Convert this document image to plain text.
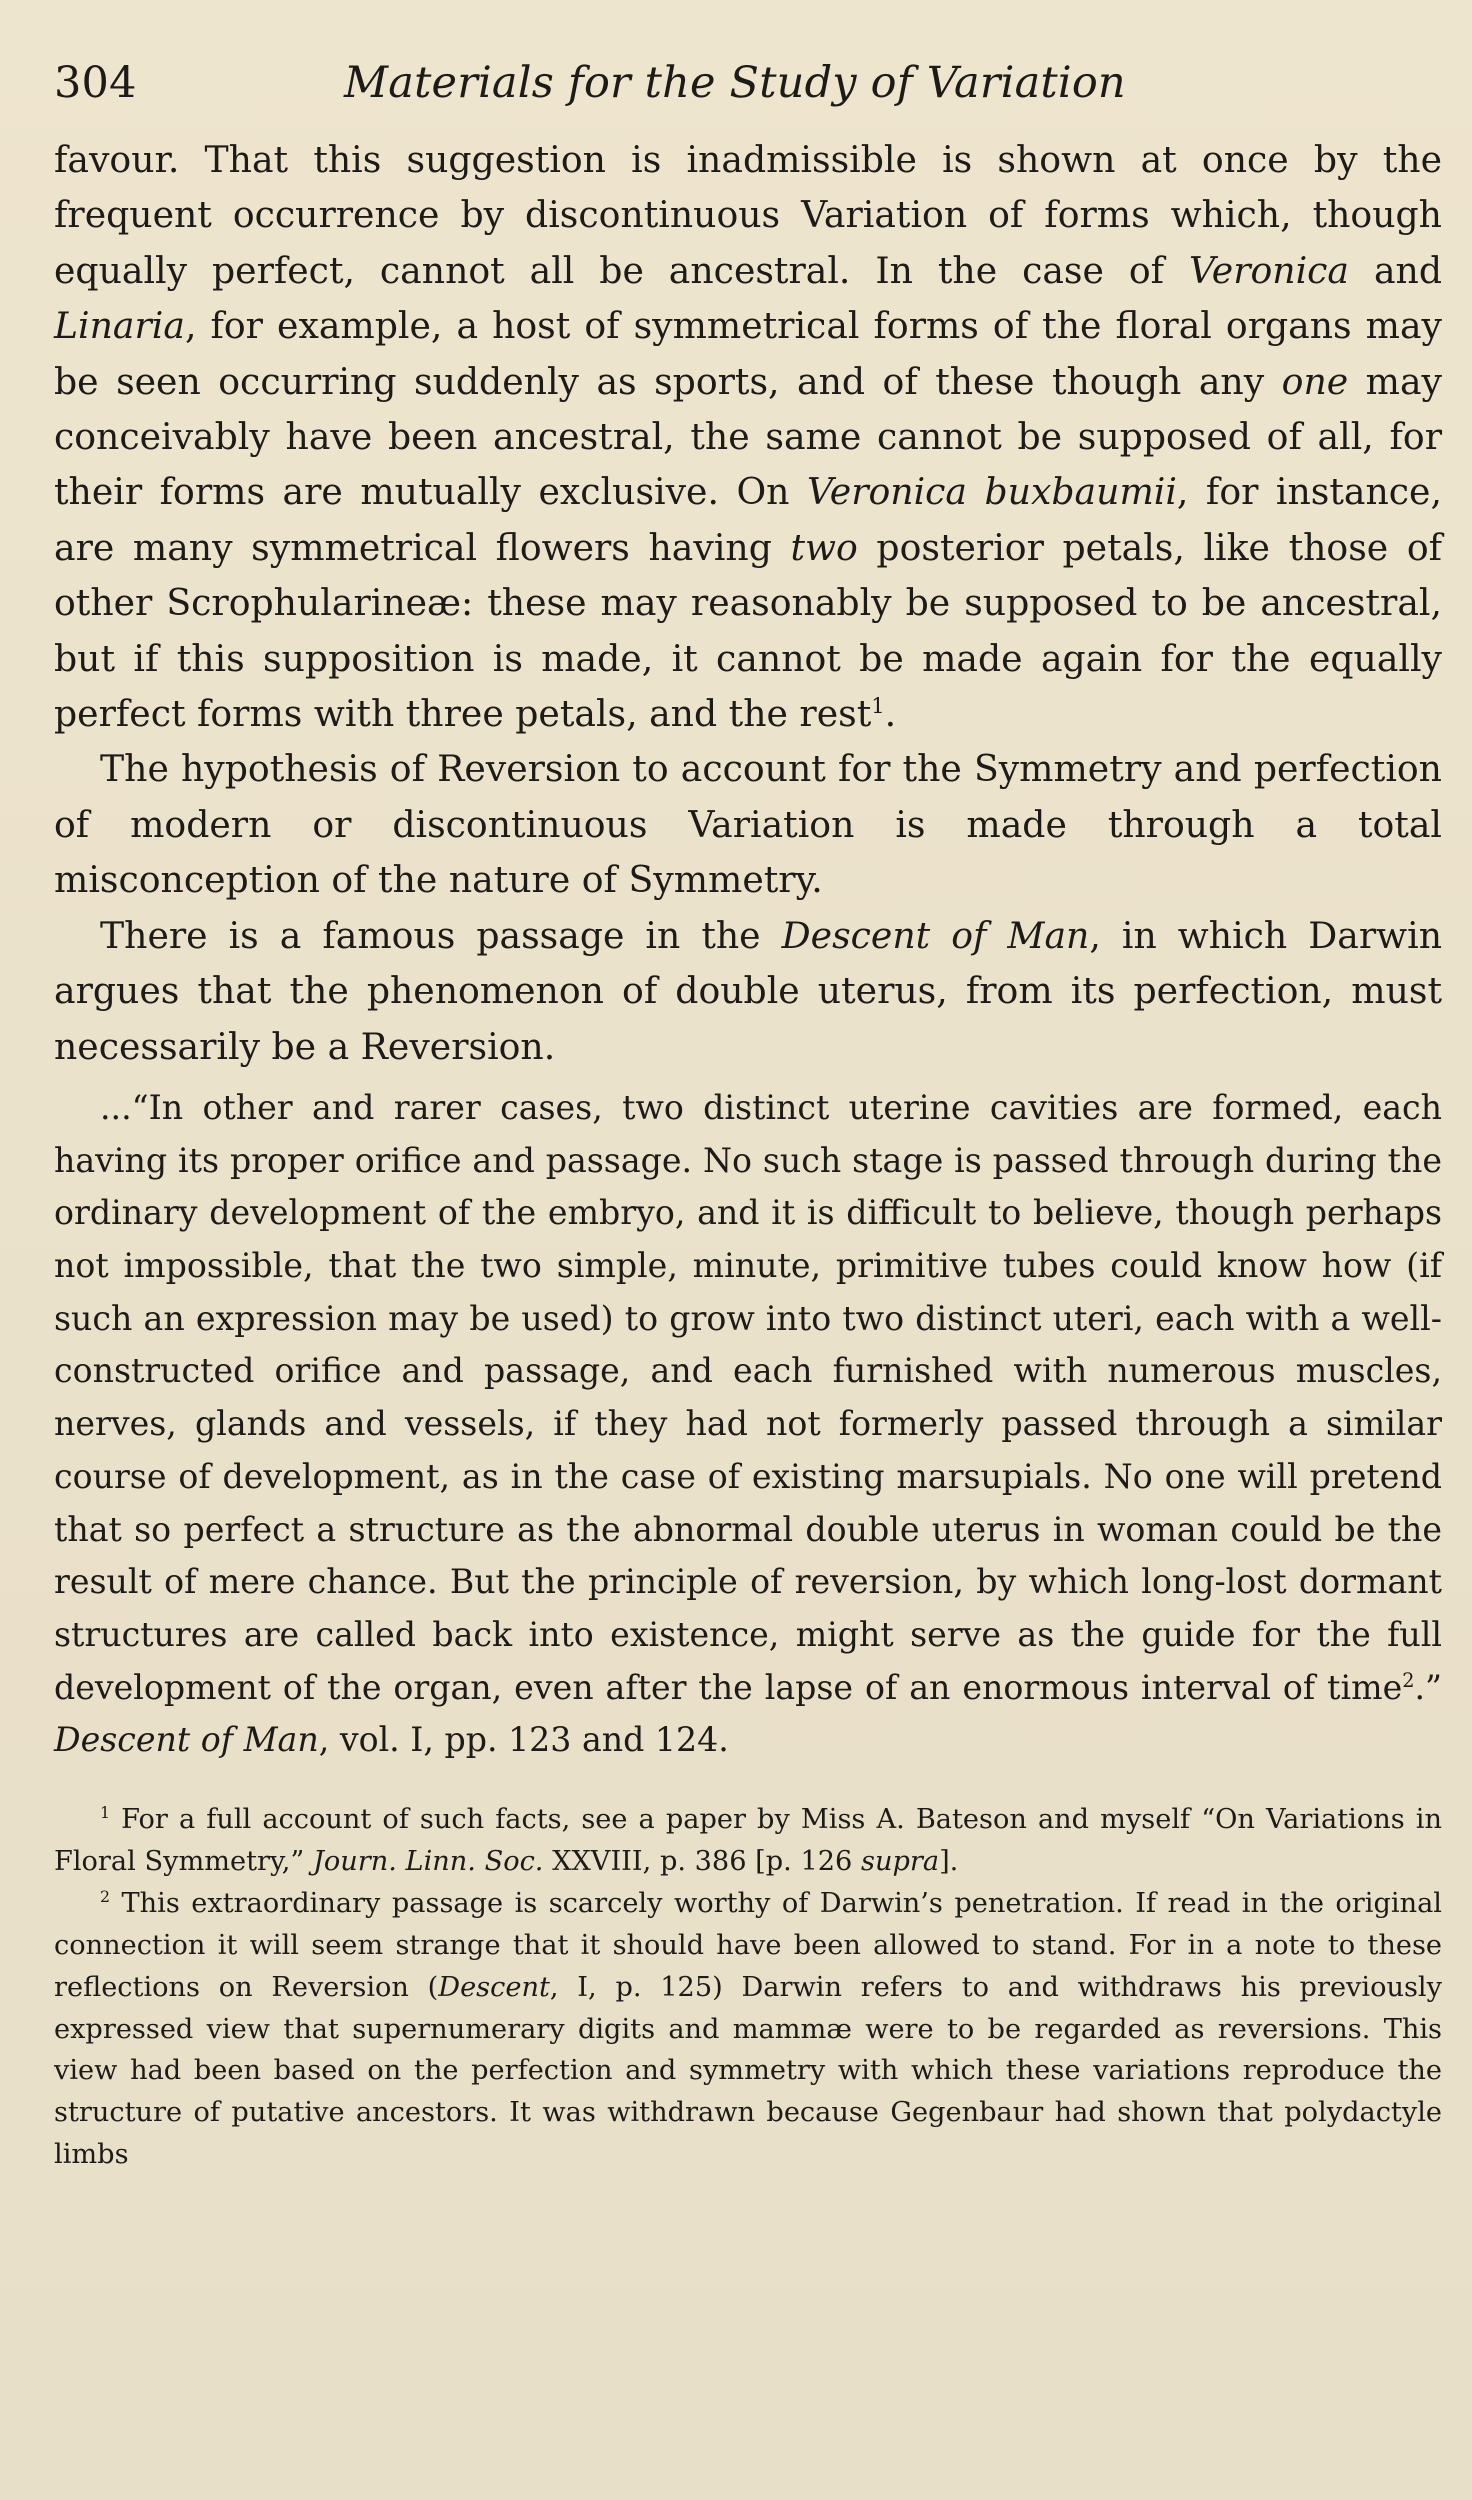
304	Materials for the Study of Variation

favour. That this suggestion is inadmissible is shown at once by the frequent occurrence by discontinuous Variation of forms which, though equally perfect, cannot all be ancestral. In the case of Veronica and Linaria, for example, a host of symmetrical forms of the floral organs may be seen occurring suddenly as sports, and of these though any one may conceivably have been ancestral, the same cannot be supposed of all, for their forms are mutually exclusive. On Veronica buxbaumii, for instance, are many symmetrical flowers having two posterior petals, like those of other Scrophularineæ: these may reasonably be supposed to be ancestral, but if this supposition is made, it cannot be made again for the equally perfect forms with three petals, and the rest$^1$.

The hypothesis of Reversion to account for the Symmetry and perfection of modern or discontinuous Variation is made through a total misconception of the nature of Symmetry.

There is a famous passage in the Descent of Man, in which Darwin argues that the phenomenon of double uterus, from its perfection, must necessarily be a Reversion.

...“In other and rarer cases, two distinct uterine cavities are formed, each having its proper orifice and passage. No such stage is passed through during the ordinary development of the embryo, and it is difficult to believe, though perhaps not impossible, that the two simple, minute, primitive tubes could know how (if such an expression may be used) to grow into two distinct uteri, each with a well-constructed orifice and passage, and each furnished with numerous muscles, nerves, glands and vessels, if they had not formerly passed through a similar course of development, as in the case of existing marsupials. No one will pretend that so perfect a structure as the abnormal double uterus in woman could be the result of mere chance. But the principle of reversion, by which long-lost dormant structures are called back into existence, might serve as the guide for the full development of the organ, even after the lapse of an enormous interval of time$^2$.” Descent of Man, vol. I, pp. 123 and 124.

$^1$ For a full account of such facts, see a paper by Miss A. Bateson and myself “On Variations in Floral Symmetry,” Journ. Linn. Soc. XXVIII, p. 386 [p. 126 supra].

$^2$ This extraordinary passage is scarcely worthy of Darwin’s penetration. If read in the original connection it will seem strange that it should have been allowed to stand. For in a note to these reflections on Reversion (Descent, I, p. 125) Darwin refers to and withdraws his previously expressed view that supernumerary digits and mammæ were to be regarded as reversions. This view had been based on the perfection and symmetry with which these variations reproduce the structure of putative ancestors. It was withdrawn because Gegenbaur had shown that polydactyle limbs
